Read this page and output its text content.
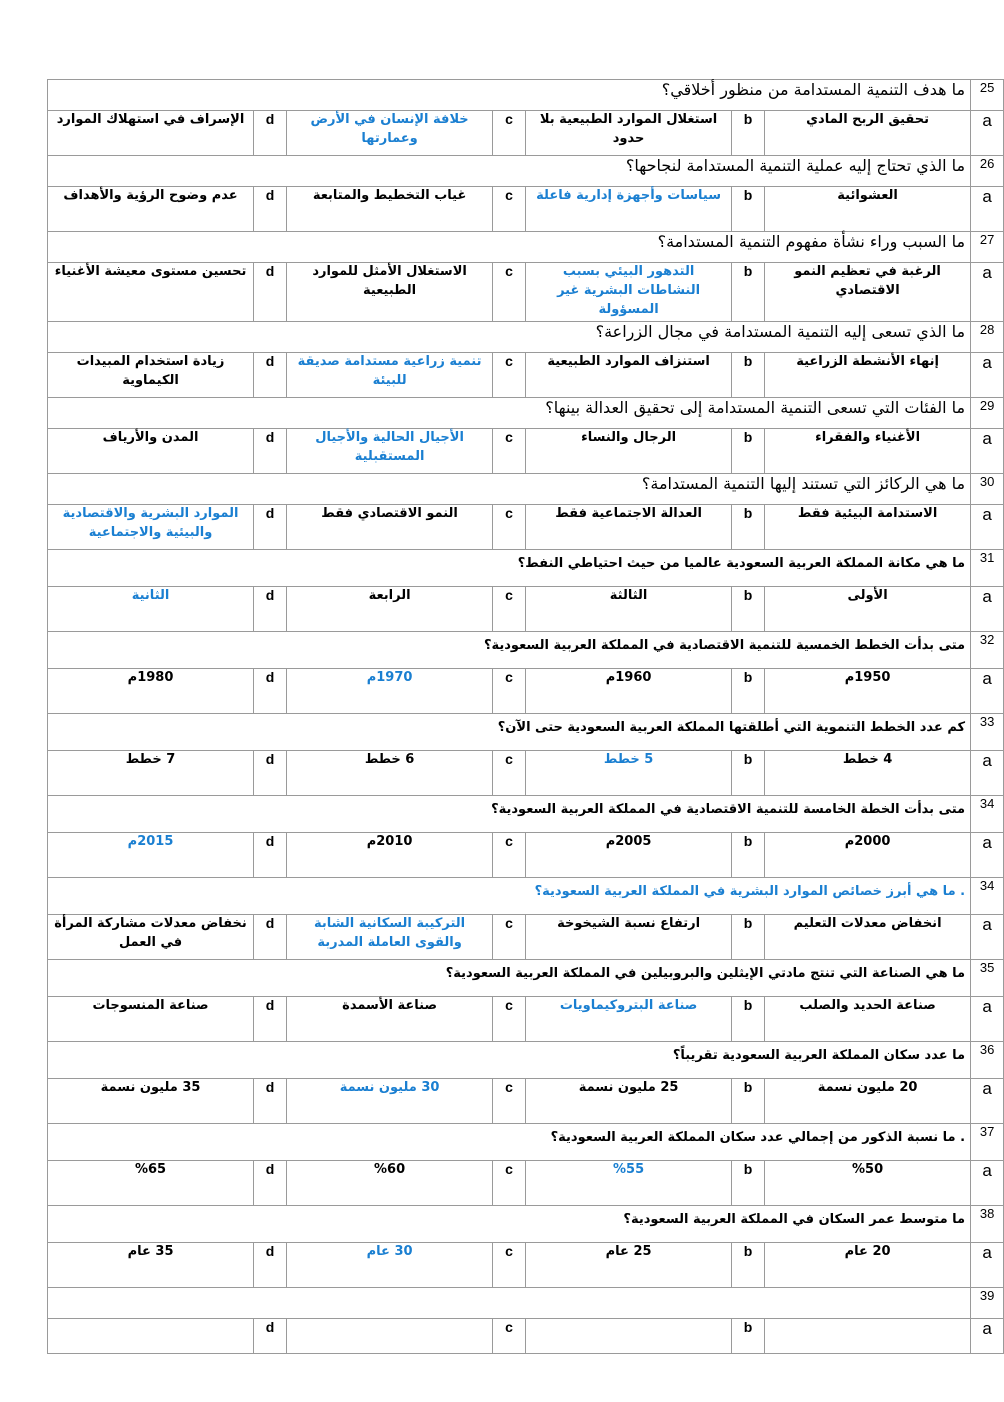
25	ما هدف التنمية المستدامة من منظور أخلاقي؟						
a	تحقيق الربح المادي	b	استغلال الموارد الطبيعية بلا حدود	c	خلافة الإنسان في الأرض وعمارتها	d	الإسراف في استهلاك الموارد
26	ما الذي تحتاج إليه عملية التنمية المستدامة لنجاحها؟						
a	العشوائية	b	سياسات وأجهزة إدارية فاعلة	c	غياب التخطيط والمتابعة	d	عدم وضوح الرؤية والأهداف
27	ما السبب وراء نشأة مفهوم التنمية المستدامة؟						
a	الرغبة في تعظيم النمو الاقتصادي	b	التدهور البيئي بسبب النشاطات البشرية غير المسؤولة	c	الاستغلال الأمثل للموارد الطبيعية	d	تحسين مستوى معيشة الأغنياء
28	ما الذي تسعى إليه التنمية المستدامة في مجال الزراعة؟						
a	إنهاء الأنشطة الزراعية	b	استنزاف الموارد الطبيعية	c	تنمية زراعية مستدامة صديقة للبيئة	d	زيادة استخدام المبيدات الكيماوية
29	ما الفئات التي تسعى التنمية المستدامة إلى تحقيق العدالة بينها؟						
a	الأغنياء والفقراء	b	الرجال والنساء	c	الأجيال الحالية والأجيال المستقبلية	d	المدن والأرياف
30	ما هي الركائز التي تستند إليها التنمية المستدامة؟						
a	الاستدامة البيئية فقط	b	العدالة الاجتماعية فقط	c	النمو الاقتصادي فقط	d	الموارد البشرية والاقتصادية والبيئية والاجتماعية
31	ما هي مكانة المملكة العربية السعودية عالميا من حيث احتياطي النفط؟						
a	الأولى	b	الثالثة	c	الرابعة	d	الثانية
32	متى بدأت الخطط الخمسية للتنمية الاقتصادية في المملكة العربية السعودية؟						
a	1950م	b	1960م	c	1970م	d	1980م
33	كم عدد الخطط التنموية التي أطلقتها المملكة العربية السعودية حتى الآن؟						
a	4 خطط	b	5 خطط	c	6 خطط	d	7 خطط
34	متى بدأت الخطة الخامسة للتنمية الاقتصادية في المملكة العربية السعودية؟						
a	2000م	b	2005م	c	2010م	d	2015م
34	. ما هي أبرز خصائص الموارد البشرية في المملكة العربية السعودية؟						
a	انخفاض معدلات التعليم	b	ارتفاع نسبة الشيخوخة	c	التركيبة السكانية الشابة والقوى العاملة المدربة	d	نخفاض معدلات مشاركة المرأة في العمل
35	ما هي الصناعة التي تنتج مادتي الإيثلين والبروبيلين في المملكة العربية السعودية؟						
a	صناعة الحديد والصلب	b	صناعة البتروكيماويات	c	صناعة الأسمدة	d	صناعة المنسوجات
36	ما عدد سكان المملكة العربية السعودية تقريباً؟						
a	20 مليون نسمة	b	25 مليون نسمة	c	30 مليون نسمة	d	35 مليون نسمة
37	. ما نسبة الذكور من إجمالي عدد سكان المملكة العربية السعودية؟						
a	%50	b	%55	c	%60	d	%65
38	ما متوسط عمر السكان في المملكة العربية السعودية؟						
a	20 عام	b	25 عام	c	30 عام	d	35 عام
39							
a		b		c		d	
